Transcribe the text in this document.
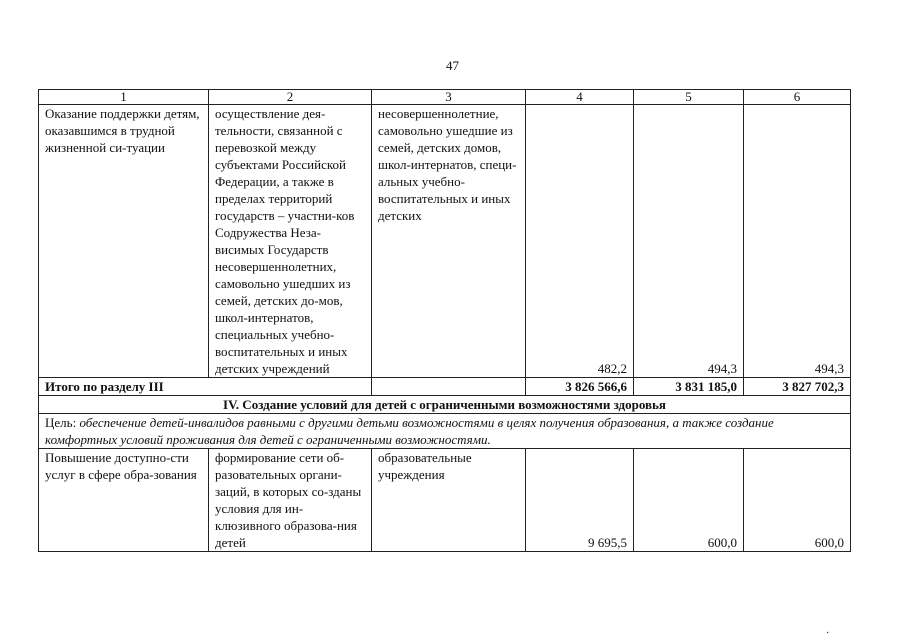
47
1	2	3	4	5	6
Оказание поддержки детям, оказавшимся в трудной жизненной си-туации	осуществление дея-тельности, связанной с перевозкой между субъектами Российской Федерации, а также в пределах территорий государств – участни-ков Содружества Неза-висимых Государств несовершеннолетних, самовольно ушедших из семей, детских до-мов, школ-интернатов, специальных учебно-воспитательных и иных детских учреждений	несовершеннолетние, самовольно ушедшие из семей, детских домов, школ-интернатов, специ-альных учебно-воспитательных и иных детских	482,2	494,3	494,3
Итого по разделу III			3 826 566,6	3 831 185,0	3 827 702,3
IV. Создание условий для детей с ограниченными возможностями здоровья					
Цель: обеспечение детей-инвалидов равными с другими детьми возможностями в целях получения образования, а также создание комфортных условий проживания для детей с ограниченными возможностями.					
Повышение доступно-сти услуг в сфере обра-зования	формирование сети об-разовательных органи-заций, в которых со-зданы условия для ин-клюзивного образова-ния детей	образовательные учреждения	9 695,5	600,0	600,0
·
